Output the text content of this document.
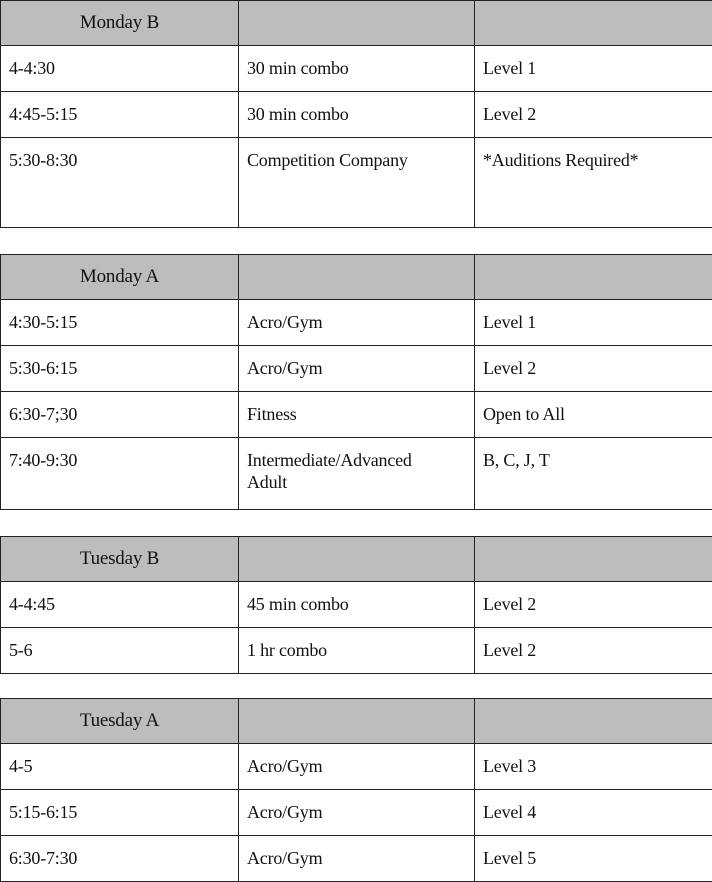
Monday B		

4-4:30	30 min combo	Level 1

4:45-5:15	30 min combo	Level 2

5:30-8:30	Competition Company	*Auditions Required*
Monday A		

4:30-5:15	Acro/Gym	Level 1

5:30-6:15	Acro/Gym	Level 2

6:30-7;30	Fitness	Open to All

7:40-9:30	Intermediate/Advanced Adult	B, C, J, T
Tuesday B		

4-4:45	45 min combo	Level 2

5-6	1 hr combo	Level 2
Tuesday A		

4-5	Acro/Gym	Level 3

5:15-6:15	Acro/Gym	Level 4

6:30-7:30	Acro/Gym	Level 5
